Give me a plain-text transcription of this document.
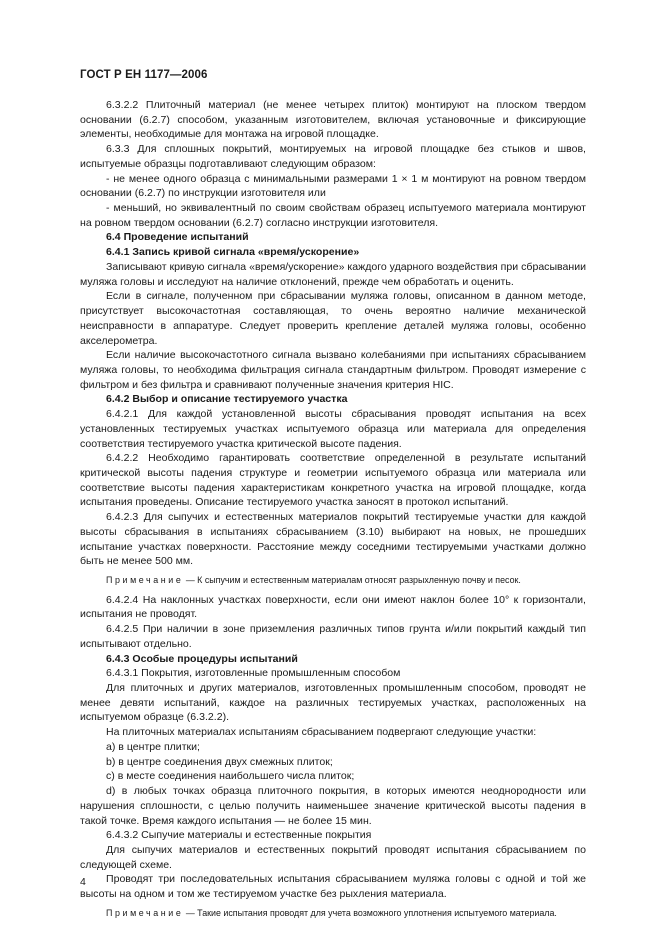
ГОСТ Р ЕН 1177—2006

6.3.2.2 Плиточный материал (не менее четырех плиток) монтируют на плоском твердом основании (6.2.7) способом, указанным изготовителем, включая установочные и фиксирующие элементы, необходимые для монтажа на игровой площадке.

6.3.3 Для сплошных покрытий, монтируемых на игровой площадке без стыков и швов, испытуемые образцы подготавливают следующим образом:

- не менее одного образца с минимальными размерами 1 × 1 м монтируют на ровном твердом основании (6.2.7) по инструкции изготовителя или

- меньший, но эквивалентный по своим свойствам образец испытуемого материала монтируют на ровном твердом основании (6.2.7) согласно инструкции изготовителя.

6.4 Проведение испытаний

6.4.1 Запись кривой сигнала «время/ускорение»

Записывают кривую сигнала «время/ускорение» каждого ударного воздействия при сбрасывании муляжа головы и исследуют на наличие отклонений, прежде чем обработать и оценить.

Если в сигнале, полученном при сбрасывании муляжа головы, описанном в данном методе, присутствует высокочастотная составляющая, то очень вероятно наличие механической неисправности в аппаратуре. Следует проверить крепление деталей муляжа головы, особенно акселерометра.

Если наличие высокочастотного сигнала вызвано колебаниями при испытаниях сбрасыванием муляжа головы, то необходима фильтрация сигнала стандартным фильтром. Проводят измерение с фильтром и без фильтра и сравнивают полученные значения критерия HIC.

6.4.2 Выбор и описание тестируемого участка

6.4.2.1 Для каждой установленной высоты сбрасывания проводят испытания на всех установленных тестируемых участках испытуемого образца или материала для определения соответствия тестируемого участка критической высоте падения.

6.4.2.2 Необходимо гарантировать соответствие определенной в результате испытаний критической высоты падения структуре и геометрии испытуемого образца или материала или соответствие высоты падения характеристикам конкретного участка на игровой площадке, когда испытания проведены. Описание тестируемого участка заносят в протокол испытаний.

6.4.2.3 Для сыпучих и естественных материалов покрытий тестируемые участки для каждой высоты сбрасывания в испытаниях сбрасыванием (3.10) выбирают на новых, не прошедших испытание участках поверхности. Расстояние между соседними тестируемыми участками должно быть не менее 500 мм.

Примечание — К сыпучим и естественным материалам относят разрыхленную почву и песок.

6.4.2.4 На наклонных участках поверхности, если они имеют наклон более 10° к горизонтали, испытания не проводят.

6.4.2.5 При наличии в зоне приземления различных типов грунта и/или покрытий каждый тип испытывают отдельно.

6.4.3 Особые процедуры испытаний

6.4.3.1 Покрытия, изготовленные промышленным способом

Для плиточных и других материалов, изготовленных промышленным способом, проводят не менее девяти испытаний, каждое на различных тестируемых участках, расположенных на испытуемом образце (6.3.2.2).

На плиточных материалах испытаниям сбрасыванием подвергают следующие участки:

a) в центре плитки;

b) в центре соединения двух смежных плиток;

c) в месте соединения наибольшего числа плиток;

d) в любых точках образца плиточного покрытия, в которых имеются неоднородности или нарушения сплошности, с целью получить наименьшее значение критической высоты падения в такой точке. Время каждого испытания — не более 15 мин.

6.4.3.2 Сыпучие материалы и естественные покрытия

Для сыпучих материалов и естественных покрытий проводят испытания сбрасыванием по следующей схеме.

Проводят три последовательных испытания сбрасыванием муляжа головы с одной и той же высоты на одном и том же тестируемом участке без рыхления материала.

Примечание — Такие испытания проводят для учета возможного уплотнения испытуемого материала.

4
